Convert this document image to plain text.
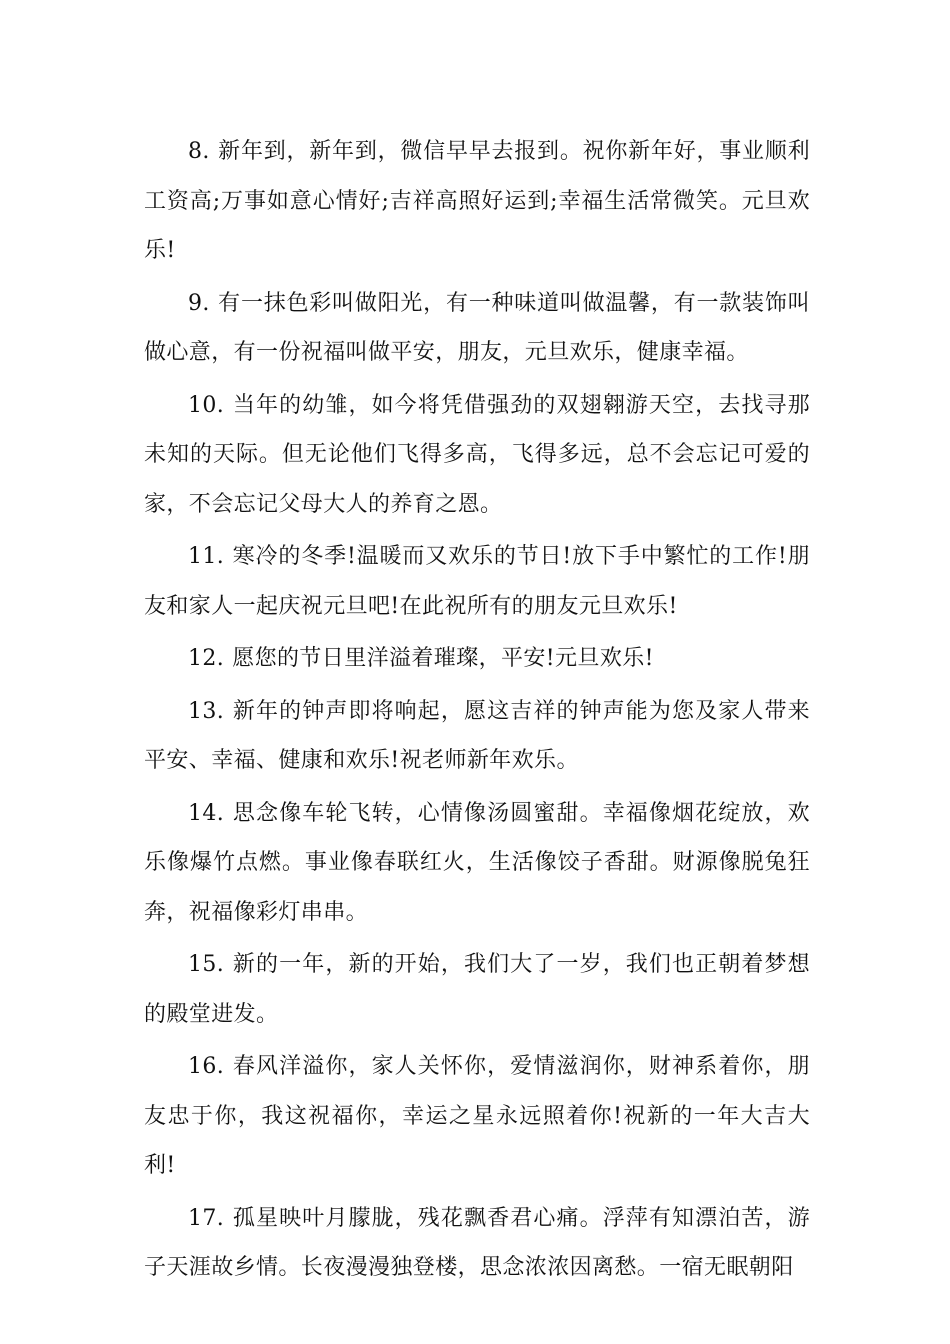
8. 新年到，新年到，微信早早去报到。祝你新年好，事业顺利工资高;万事如意心情好;吉祥高照好运到;幸福生活常微笑。元旦欢乐!

9. 有一抹色彩叫做阳光，有一种味道叫做温馨，有一款装饰叫做心意，有一份祝福叫做平安，朋友，元旦欢乐，健康幸福。

10. 当年的幼雏，如今将凭借强劲的双翅翱游天空，去找寻那未知的天际。但无论他们飞得多高，飞得多远，总不会忘记可爱的家，不会忘记父母大人的养育之恩。

11. 寒冷的冬季!温暖而又欢乐的节日!放下手中繁忙的工作!朋友和家人一起庆祝元旦吧!在此祝所有的朋友元旦欢乐!

12. 愿您的节日里洋溢着璀璨，平安!元旦欢乐!

13. 新年的钟声即将响起，愿这吉祥的钟声能为您及家人带来平安、幸福、健康和欢乐!祝老师新年欢乐。

14. 思念像车轮飞转，心情像汤圆蜜甜。幸福像烟花绽放，欢乐像爆竹点燃。事业像春联红火，生活像饺子香甜。财源像脱兔狂奔，祝福像彩灯串串。

15. 新的一年，新的开始，我们大了一岁，我们也正朝着梦想的殿堂进发。

16. 春风洋溢你，家人关怀你，爱情滋润你，财神系着你，朋友忠于你，我这祝福你，幸运之星永远照着你!祝新的一年大吉大利!

17. 孤星映叶月朦胧，残花飘香君心痛。浮萍有知漂泊苦，游子天涯故乡情。长夜漫漫独登楼，思念浓浓因离愁。一宿无眠朝阳
